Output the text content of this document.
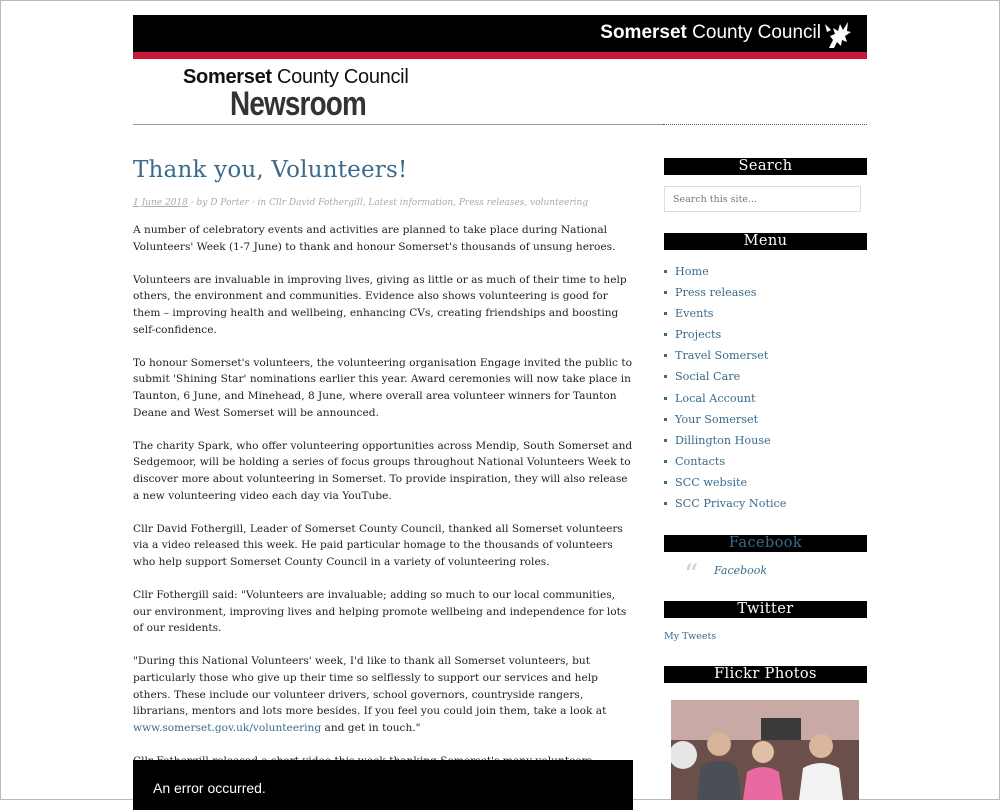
Somerset County Council
Somerset County Council
Newsroom
Thank you, Volunteers!
1 June 2018 · by D Porter · in Cllr David Fothergill, Latest information, Press releases, volunteering

A number of celebratory events and activities are planned to take place during National Volunteers' Week (1-7 June) to thank and honour Somerset's thousands of unsung heroes.

Volunteers are invaluable in improving lives, giving as little or as much of their time to help others, the environment and communities. Evidence also shows volunteering is good for them – improving health and wellbeing, enhancing CVs, creating friendships and boosting self-confidence.

To honour Somerset's volunteers, the volunteering organisation Engage invited the public to submit 'Shining Star' nominations earlier this year. Award ceremonies will now take place in Taunton, 6 June, and Minehead, 8 June, where overall area volunteer winners for Taunton Deane and West Somerset will be announced.

The charity Spark, who offer volunteering opportunities across Mendip, South Somerset and Sedgemoor, will be holding a series of focus groups throughout National Volunteers Week to discover more about volunteering in Somerset. To provide inspiration, they will also release a new volunteering video each day via YouTube.

Cllr David Fothergill, Leader of Somerset County Council, thanked all Somerset volunteers via a video released this week. He paid particular homage to the thousands of volunteers who help support Somerset County Council in a variety of volunteering roles.

Cllr Fothergill said: "Volunteers are invaluable; adding so much to our local communities, our environment, improving lives and helping promote wellbeing and independence for lots of our residents.

"During this National Volunteers' week, I'd like to thank all Somerset volunteers, but particularly those who give up their time so selflessly to support our services and help others. These include our volunteer drivers, school governors, countryside rangers, librarians, mentors and lots more besides. If you feel you could join them, take a look at www.somerset.gov.uk/volunteering and get in touch."

An error occurred.
Search
Search this site...
Menu
Home
Press releases
Events
Projects
Travel Somerset
Social Care
Local Account
Your Somerset
Dillington House
Contacts
SCC website
SCC Privacy Notice
Facebook
“ Facebook
Twitter
My Tweets
Flickr Photos
